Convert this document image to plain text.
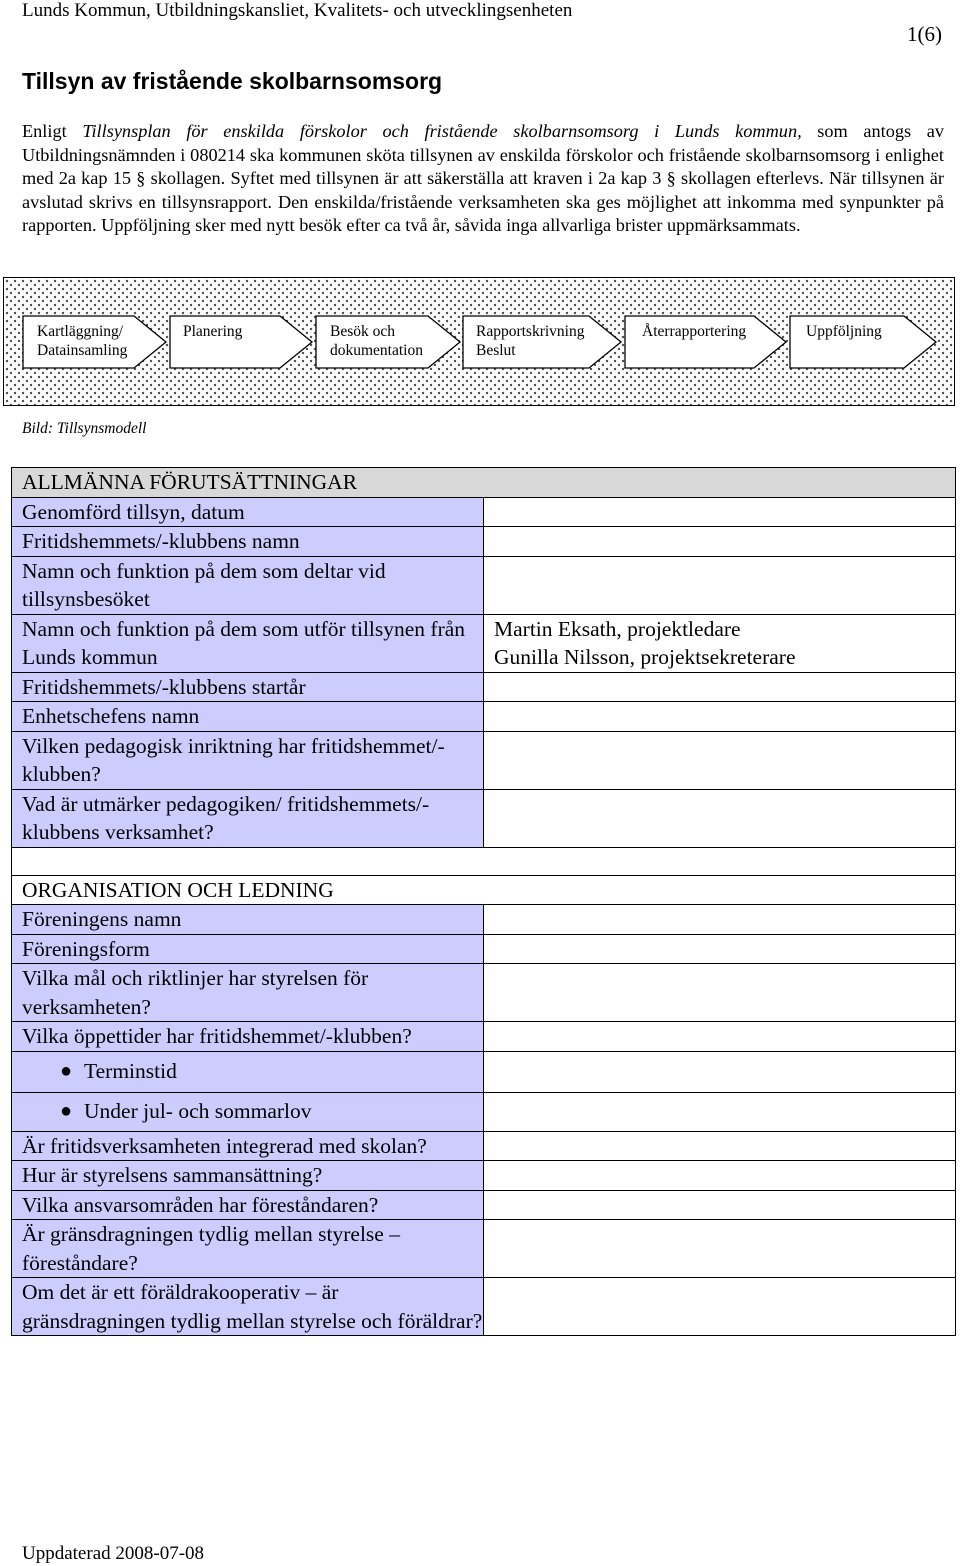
Lunds Kommun, Utbildningskansliet, Kvalitets- och utvecklingsenheten
1(6)
Tillsyn av fristående skolbarnsomsorg

Enligt Tillsynsplan för enskilda förskolor och fristående skolbarnsomsorg i Lunds kommun, som antogs av Utbildningsnämnden i 080214 ska kommunen sköta tillsynen av enskilda förskolor och fristående skolbarnsomsorg i enlighet med 2a kap 15 § skollagen. Syftet med tillsynen är att säkerställa att kraven i 2a kap 3 § skollagen efterlevs. När tillsynen är avslutad skrivs en tillsynsrapport. Den enskilda/fristående verksamheten ska ges möjlighet att inkomma med synpunkter på rapporten. Uppföljning sker med nytt besök efter ca två år, såvida inga allvarliga brister uppmärksammats.

Kartläggning/
Datainsamling
Planering	Besök och
dokumentation
Rapportskrivning
Beslut
Återrapportering	Uppföljning
Bild: Tillsynsmodell
ALLMÄNNA FÖRUTSÄTTNINGAR	
Genomförd tillsyn, datum	
Fritidshemmets/-klubbens namn	
Namn och funktion på dem som deltar vid tillsynsbesöket	
Namn och funktion på dem som utför tillsynen från Lunds kommun	Martin Eksath, projektledare
Gunilla Nilsson, projektsekreterare

Fritidshemmets/-klubbens startår	
Enhetschefens namn	
Vilken pedagogisk inriktning har fritidshemmet/-klubben?	
Vad är utmärker pedagogiken/ fritidshemmets/-klubbens verksamhet?	

ORGANISATION OCH LEDNING	
Föreningens namn	
Föreningsform	
Vilka mål och riktlinjer har styrelsen för verksamheten?	
Vilka öppettider har fritidshemmet/-klubben?	

● Terminstid	

● Under jul- och sommarlov	

Är fritidsverksamheten integrerad med skolan?	
Hur är styrelsens sammansättning?	
Vilka ansvarsområden har föreståndaren?	
Är gränsdragningen tydlig mellan styrelse – föreståndare?	
Om det är ett föräldrakooperativ – är gränsdragningen tydlig mellan styrelse och föräldrar?	
Uppdaterad 2008-07-08
